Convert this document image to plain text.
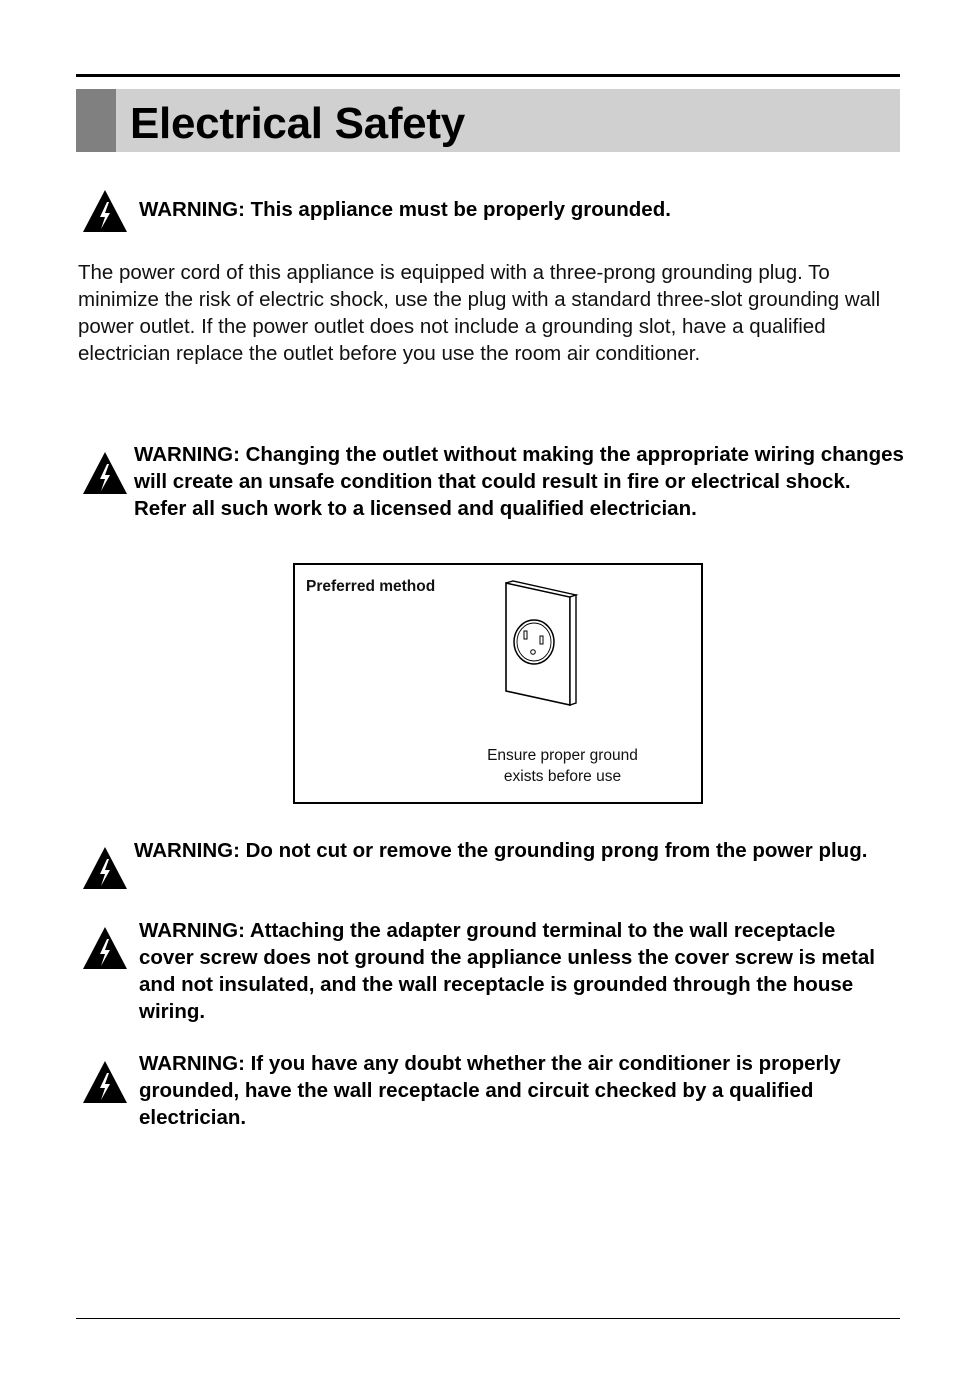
Electrical Safety
WARNING: This appliance must be properly grounded.

The power cord of this appliance is equipped with a three-prong grounding plug. To minimize the risk of electric shock, use the plug with a standard three-slot grounding wall power outlet. If the power outlet does not include a grounding slot, have a qualified electrician replace the outlet before you use the room air conditioner.

WARNING: Changing the outlet without making the appropriate wiring changes will create an unsafe condition that could result in fire or electrical shock. Refer all such work to a licensed and qualified electrician.
Preferred method
Ensure proper ground
exists before use
WARNING: Do not cut or remove the grounding prong from the power plug.
WARNING: Attaching the adapter ground terminal to the wall receptacle cover screw does not ground the appliance unless the cover screw is metal and not insulated, and the wall receptacle is grounded through the house wiring.
WARNING: If you have any doubt whether the air conditioner is properly grounded, have the wall receptacle and circuit checked by a qualified electrician.
